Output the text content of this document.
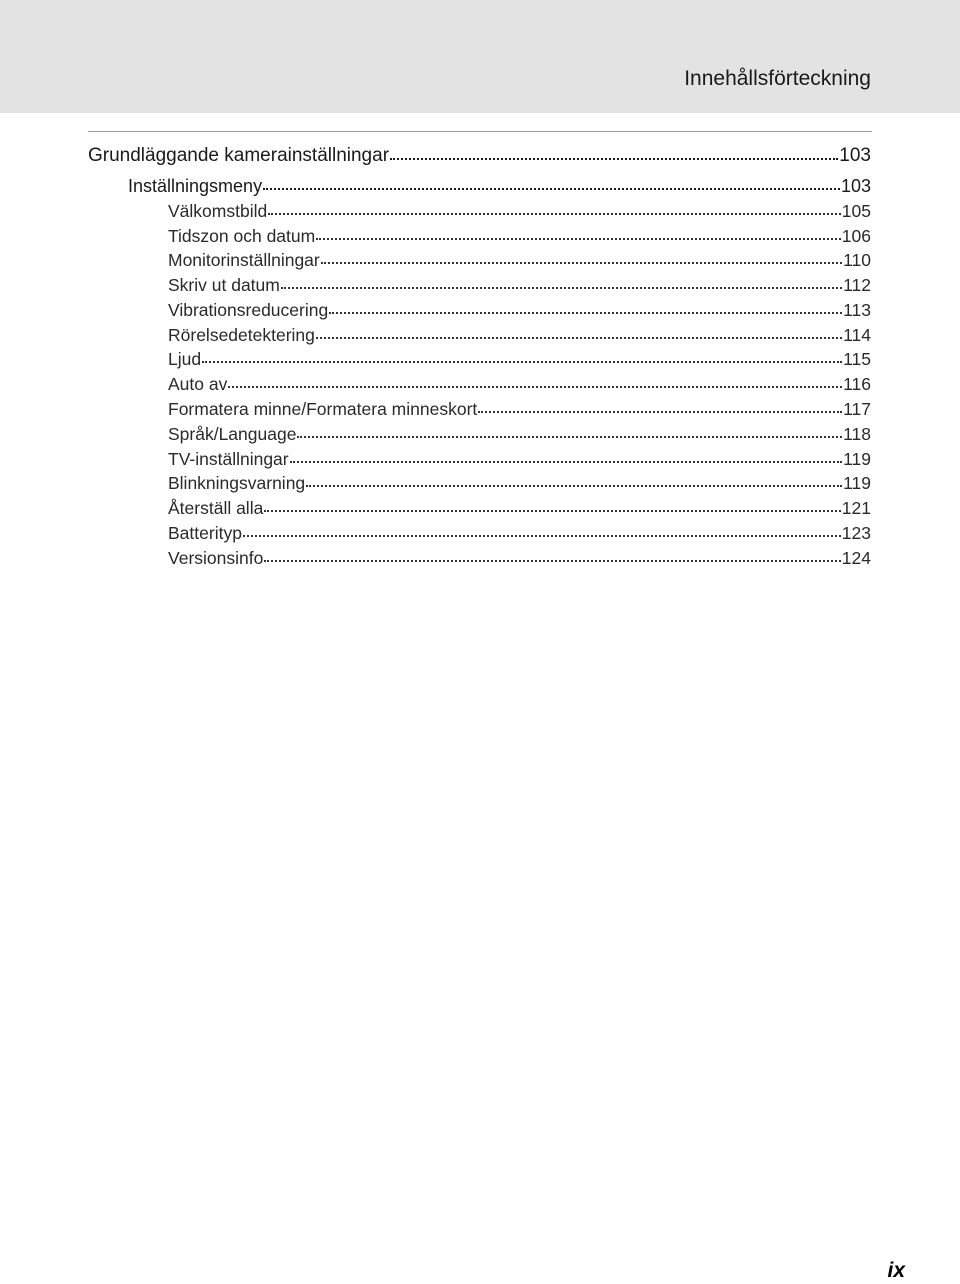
Innehållsförteckning
Grundläggande kamerainställningar	103
Inställningsmeny	103
Välkomstbild	105
Tidszon och datum	106
Monitorinställningar	110
Skriv ut datum	112
Vibrationsreducering	113
Rörelsedetektering	114
Ljud	115
Auto av	116
Formatera minne/Formatera minneskort	117
Språk/Language	118
TV-inställningar	119
Blinkningsvarning	119
Återställ alla	121
Batterityp	123
Versionsinfo	124
ix
